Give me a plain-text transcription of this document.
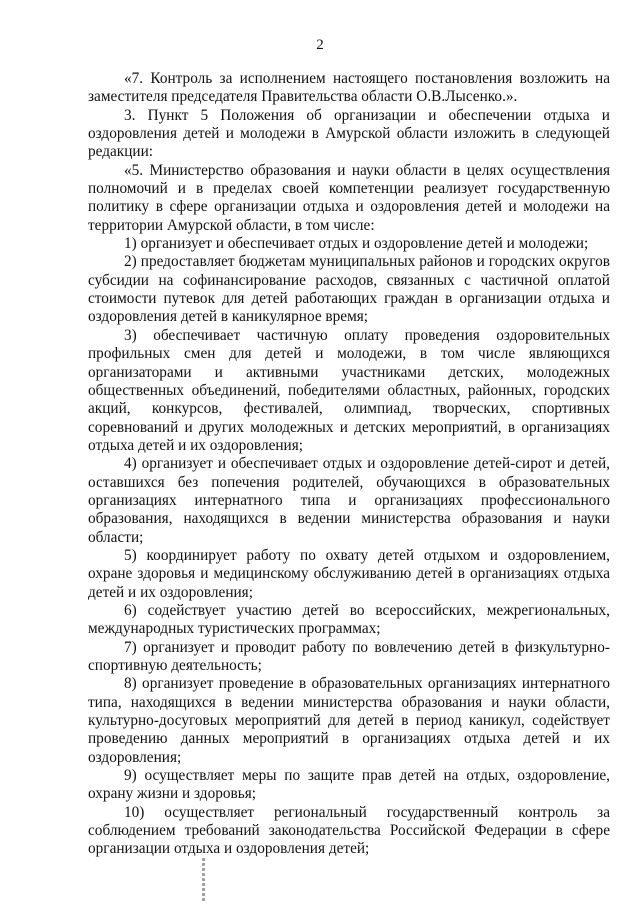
2

«7. Контроль за исполнением настоящего постановления возложить на заместителя председателя Правительства области О.В.Лысенко.».

3. Пункт 5 Положения об организации и обеспечении отдыха и оздоровления детей и молодежи в Амурской области изложить в следующей редакции:

«5. Министерство образования и науки области в целях осуществления полномочий и в пределах своей компетенции реализует государственную политику в сфере организации отдыха и оздоровления детей и молодежи на территории Амурской области, в том числе:

1) организует и обеспечивает отдых и оздоровление детей и молодежи;

2) предоставляет бюджетам муниципальных районов и городских округов субсидии на софинансирование расходов, связанных с частичной оплатой стоимости путевок для детей работающих граждан в организации отдыха и оздоровления детей в каникулярное время;

3) обеспечивает частичную оплату проведения оздоровительных профильных смен для детей и молодежи, в том числе являющихся организаторами и активными участниками детских, молодежных общественных объединений, победителями областных, районных, городских акций, конкурсов, фестивалей, олимпиад, творческих, спортивных соревнований и других молодежных и детских мероприятий, в организациях отдыха детей и их оздоровления;

4) организует и обеспечивает отдых и оздоровление детей-сирот и детей, оставшихся без попечения родителей, обучающихся в образовательных организациях интернатного типа и организациях профессионального образования, находящихся в ведении министерства образования и науки области;

5) координирует работу по охвату детей отдыхом и оздоровлением, охране здоровья и медицинскому обслуживанию детей в организациях отдыха детей и их оздоровления;

6) содействует участию детей во всероссийских, межрегиональных, международных туристических программах;

7) организует и проводит работу по вовлечению детей в физкультурно-спортивную деятельность;

8) организует проведение в образовательных организациях интернатного типа, находящихся в ведении министерства образования и науки области, культурно-досуговых мероприятий для детей в период каникул, содействует проведению данных мероприятий в организациях отдыха детей и их оздоровления;

9) осуществляет меры по защите прав детей на отдых, оздоровление, охрану жизни и здоровья;

10) осуществляет региональный государственный контроль за соблюдением требований законодательства Российской Федерации в сфере организации отдыха и оздоровления детей;
